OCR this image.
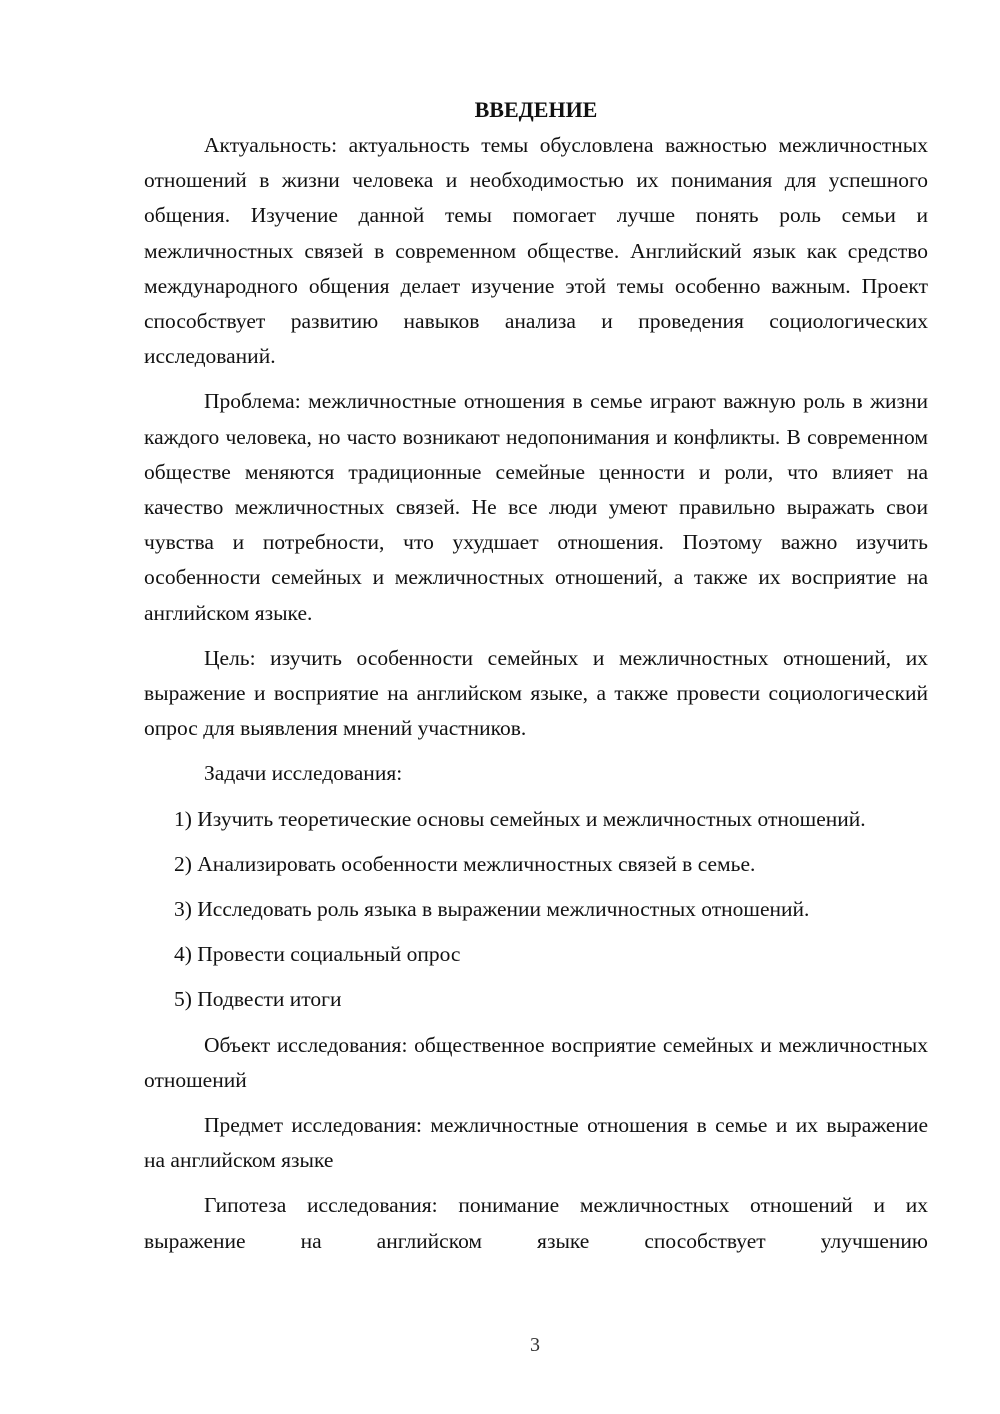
ВВЕДЕНИЕ

Актуальность: актуальность темы обусловлена важностью межличностных отношений в жизни человека и необходимостью их понимания для успешного общения. Изучение данной темы помогает лучше понять роль семьи и межличностных связей в современном обществе. Английский язык как средство международного общения делает изучение этой темы особенно важным. Проект способствует развитию навыков анализа и проведения социологических исследований.

Проблема: межличностные отношения в семье играют важную роль в жизни каждого человека, но часто возникают недопонимания и конфликты. В современном обществе меняются традиционные семейные ценности и роли, что влияет на качество межличностных связей. Не все люди умеют правильно выражать свои чувства и потребности, что ухудшает отношения. Поэтому важно изучить особенности семейных и межличностных отношений, а также их восприятие на английском языке.

Цель: изучить особенности семейных и межличностных отношений, их выражение и восприятие на английском языке, а также провести социологический опрос для выявления мнений участников.

Задачи исследования:

1) Изучить теоретические основы семейных и межличностных отношений.

2) Анализировать особенности межличностных связей в семье.

3) Исследовать роль языка в выражении межличностных отношений.

4) Провести социальный опрос

5) Подвести итоги

Объект исследования: общественное восприятие семейных и межличностных отношений

Предмет исследования: межличностные отношения в семье и их выражение на английском языке

Гипотеза исследования: понимание межличностных отношений и их выражение на английском языке способствует улучшению

3
